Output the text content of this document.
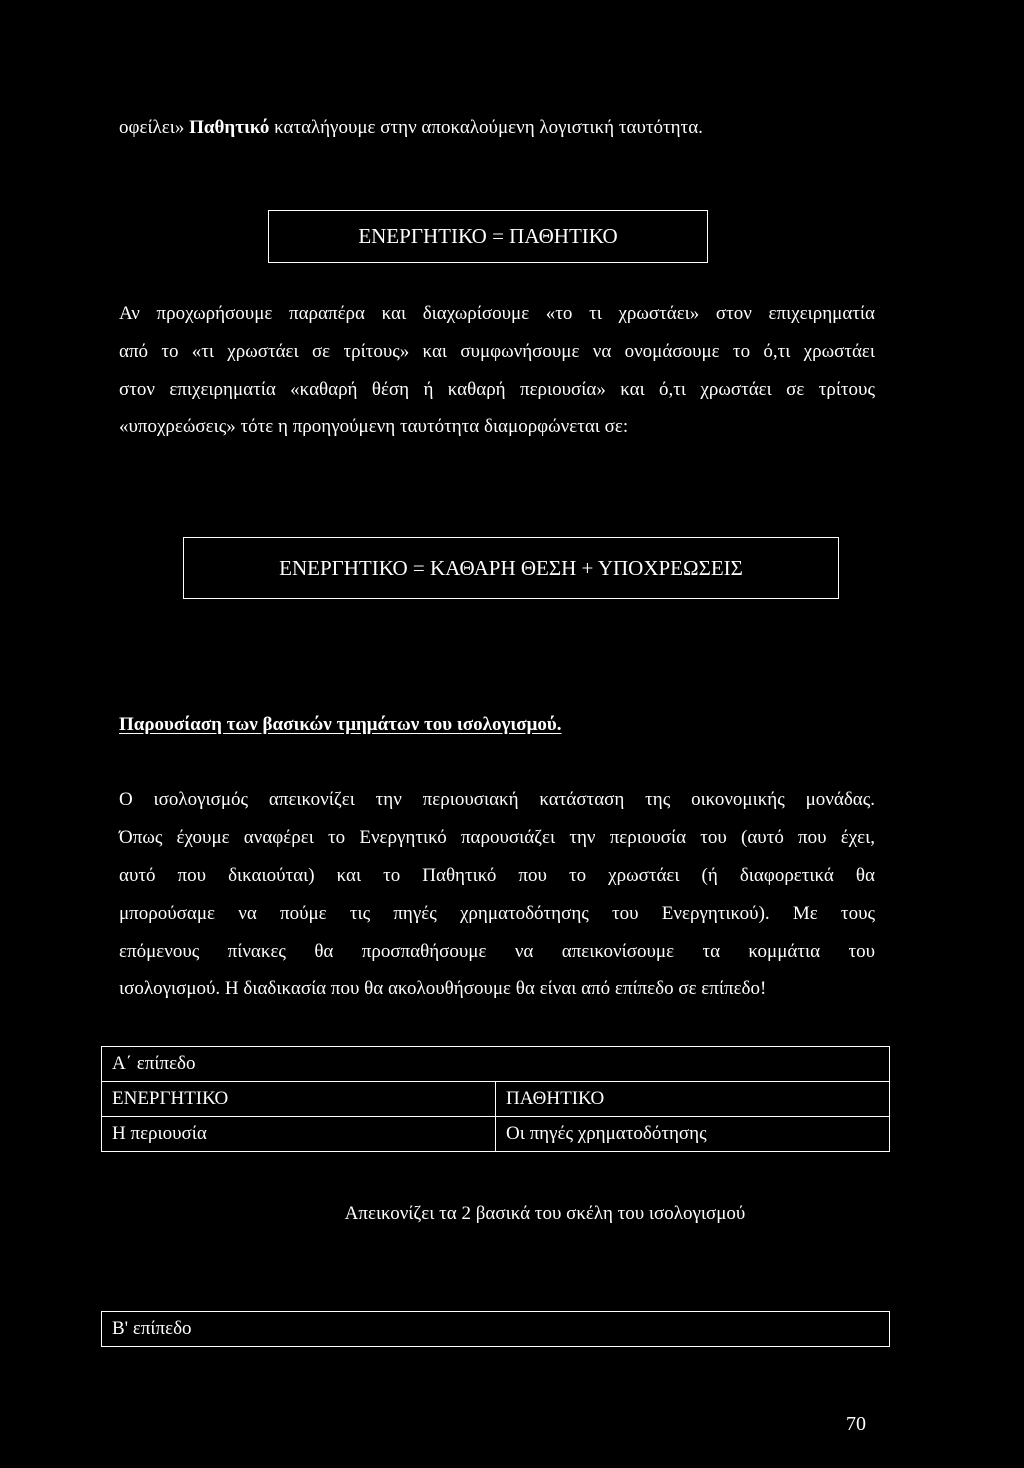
οφείλει» Παθητικό καταλήγουμε στην αποκαλούμενη λογιστική ταυτότητα.
ΕΝΕΡΓΗΤΙΚΟ = ΠΑΘΗΤΙΚΟ
Αν προχωρήσουμε παραπέρα και διαχωρίσουμε «το τι χρωστάει» στον επιχειρηματία
από το «τι χρωστάει σε τρίτους» και συμφωνήσουμε να ονομάσουμε το ό,τι χρωστάει
στον επιχειρηματία «καθαρή θέση ή καθαρή περιουσία» και ό,τι χρωστάει σε τρίτους
«υποχρεώσεις» τότε η προηγούμενη ταυτότητα διαμορφώνεται σε:
ΕΝΕΡΓΗΤΙΚΟ = ΚΑΘΑΡΗ ΘΕΣΗ + ΥΠΟΧΡΕΩΣΕΙΣ
Παρουσίαση των βασικών τμημάτων του ισολογισμού.
Ο ισολογισμός απεικονίζει την περιουσιακή κατάσταση της οικονομικής μονάδας.
Όπως έχουμε αναφέρει το Ενεργητικό παρουσιάζει την περιουσία του (αυτό που έχει,
αυτό που δικαιούται) και το Παθητικό που το χρωστάει (ή διαφορετικά θα
μπορούσαμε να πούμε τις πηγές χρηματοδότησης του Ενεργητικού). Με τους
επόμενους πίνακες θα προσπαθήσουμε να απεικονίσουμε τα κομμάτια του
ισολογισμού. Η διαδικασία που θα ακολουθήσουμε θα είναι από επίπεδο σε επίπεδο!
Α΄ επίπεδο	
ΕΝΕΡΓΗΤΙΚΟ	ΠΑΘΗΤΙΚΟ
Η περιουσία	Οι πηγές χρηματοδότησης
Απεικονίζει τα 2 βασικά του σκέλη του ισολογισμού
Β' επίπεδο
70
